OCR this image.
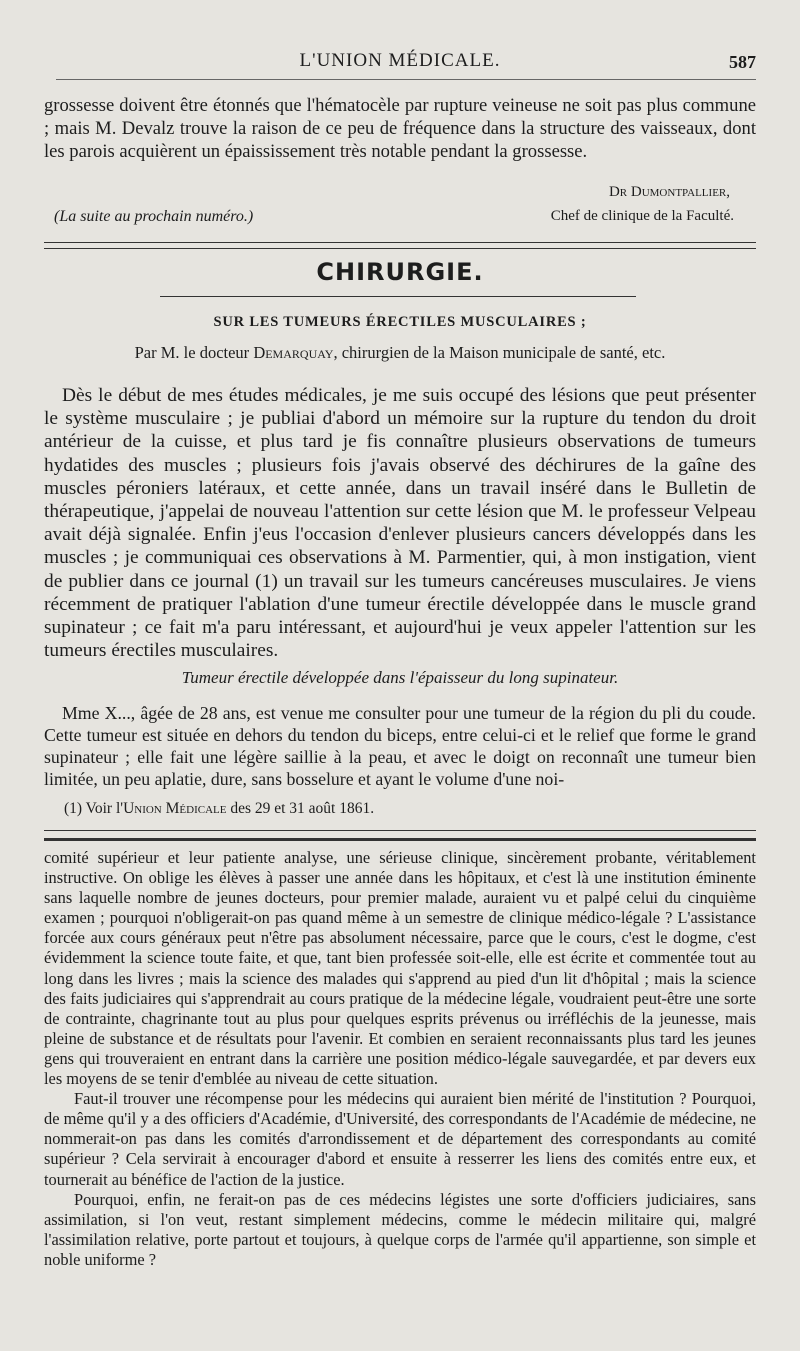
L'UNION MÉDICALE.	587

grossesse doivent être étonnés que l'hématocèle par rupture veineuse ne soit pas plus commune ; mais M. Devalz trouve la raison de ce peu de fréquence dans la structure des vaisseaux, dont les parois acquièrent un épaississement très notable pendant la grossesse.

Dr Dumontpallier,
Chef de clinique de la Faculté.
(La suite au prochain numéro.)
CHIRURGIE.
SUR LES TUMEURS ÉRECTILES MUSCULAIRES ;
Par M. le docteur Demarquay, chirurgien de la Maison municipale de santé, etc.

Dès le début de mes études médicales, je me suis occupé des lésions que peut présenter le système musculaire ; je publiai d'abord un mémoire sur la rupture du tendon du droit antérieur de la cuisse, et plus tard je fis connaître plusieurs observations de tumeurs hydatides des muscles ; plusieurs fois j'avais observé des déchirures de la gaîne des muscles péroniers latéraux, et cette année, dans un travail inséré dans le Bulletin de thérapeutique, j'appelai de nouveau l'attention sur cette lésion que M. le professeur Velpeau avait déjà signalée. Enfin j'eus l'occasion d'enlever plusieurs cancers développés dans les muscles ; je communiquai ces observations à M. Parmentier, qui, à mon instigation, vient de publier dans ce journal (1) un travail sur les tumeurs cancéreuses musculaires. Je viens récemment de pratiquer l'ablation d'une tumeur érectile développée dans le muscle grand supinateur ; ce fait m'a paru intéressant, et aujourd'hui je veux appeler l'attention sur les tumeurs érectiles musculaires.

Tumeur érectile développée dans l'épaisseur du long supinateur.

Mme X..., âgée de 28 ans, est venue me consulter pour une tumeur de la région du pli du coude. Cette tumeur est située en dehors du tendon du biceps, entre celui-ci et le relief que forme le grand supinateur ; elle fait une légère saillie à la peau, et avec le doigt on reconnaît une tumeur bien limitée, un peu aplatie, dure, sans bosselure et ayant le volume d'une noi-

(1) Voir l'Union Médicale des 29 et 31 août 1861.

comité supérieur et leur patiente analyse, une sérieuse clinique, sincèrement probante, véritablement instructive. On oblige les élèves à passer une année dans les hôpitaux, et c'est là une institution éminente sans laquelle nombre de jeunes docteurs, pour premier malade, auraient vu et palpé celui du cinquième examen ; pourquoi n'obligerait-on pas quand même à un semestre de clinique médico-légale ? L'assistance forcée aux cours généraux peut n'être pas absolument nécessaire, parce que le cours, c'est le dogme, c'est évidemment la science toute faite, et que, tant bien professée soit-elle, elle est écrite et commentée tout au long dans les livres ; mais la science des malades qui s'apprend au pied d'un lit d'hôpital ; mais la science des faits judiciaires qui s'apprendrait au cours pratique de la médecine légale, voudraient peut-être une sorte de contrainte, chagrinante tout au plus pour quelques esprits prévenus ou irréfléchis de la jeunesse, mais pleine de substance et de résultats pour l'avenir. Et combien en seraient reconnaissants plus tard les jeunes gens qui trouveraient en entrant dans la carrière une position médico-légale sauvegardée, et par devers eux les moyens de se tenir d'emblée au niveau de cette situation.

Faut-il trouver une récompense pour les médecins qui auraient bien mérité de l'institution ? Pourquoi, de même qu'il y a des officiers d'Académie, d'Université, des correspondants de l'Académie de médecine, ne nommerait-on pas dans les comités d'arrondissement et de département des correspondants au comité supérieur ? Cela servirait à encourager d'abord et ensuite à resserrer les liens des comités entre eux, et tournerait au bénéfice de l'action de la justice.

Pourquoi, enfin, ne ferait-on pas de ces médecins légistes une sorte d'officiers judiciaires, sans assimilation, si l'on veut, restant simplement médecins, comme le médecin militaire qui, malgré l'assimilation relative, porte partout et toujours, à quelque corps de l'armée qu'il appartienne, son simple et noble uniforme ?
